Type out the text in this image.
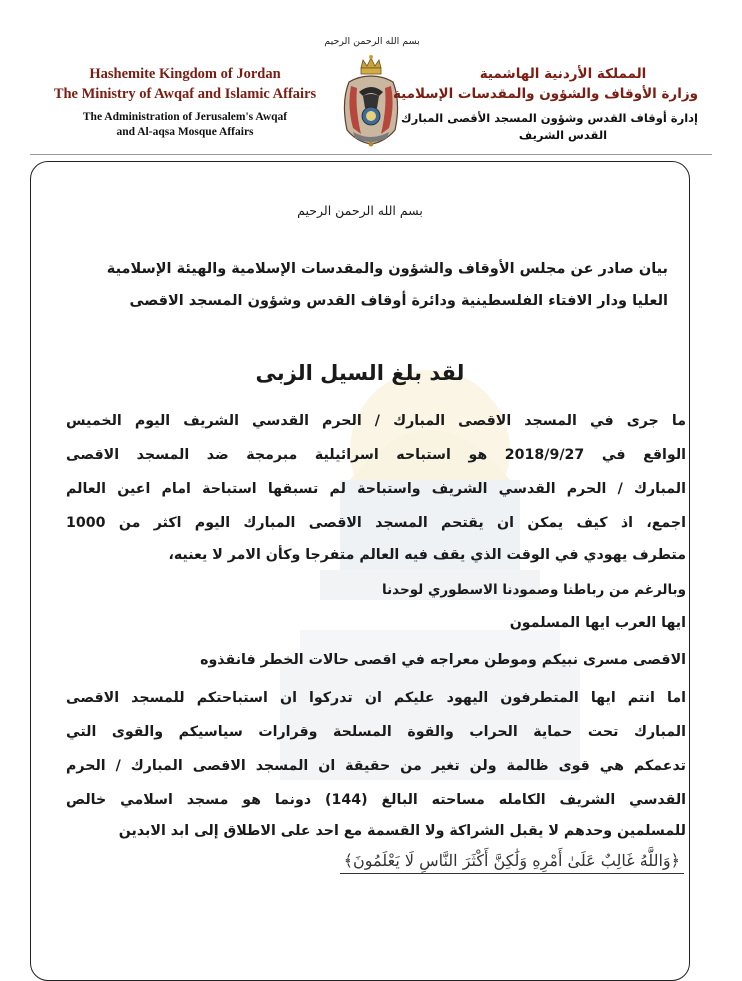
Hashemite Kingdom of Jordan
The Ministry of Awqaf and Islamic Affairs
The Administration of Jerusalem's Awqaf
and Al-aqsa Mosque Affairs
بسم الله الرحمن الرحيم
المملكة الأردنية الهاشمية
وزارة الأوقاف والشؤون والمقدسات الإسلامية
إدارة أوقاف القدس وشؤون المسجد الأقصى المبارك
القدس الشريف
بسم الله الرحمن الرحيم
بيان صادر عن مجلس الأوقاف والشؤون والمقدسات الإسلامية والهيئة الإسلامية
العليا ودار الافتاء الفلسطينية ودائرة أوقاف القدس وشؤون المسجد الاقصى
لقد بلغ السيل الزبى
ما جرى في المسجد الاقصى المبارك / الحرم القدسي الشريف اليوم الخميس
الواقع في 2018/9/27 هو استباحه اسرائيلية مبرمجة ضد المسجد الاقصى
المبارك / الحرم القدسي الشريف واستباحة لم تسبقها استباحة امام اعين العالم
اجمع، اذ كيف يمكن ان يقتحم المسجد الاقصى المبارك اليوم اكثر من 1000
متطرف يهودي في الوقت الذي يقف فيه العالم متفرجا وكأن الامر لا يعنيه،
وبالرغم من رباطنا وصمودنا الاسطوري لوحدنا
ايها العرب ايها المسلمون
الاقصى مسرى نبيكم وموطن معراجه في اقصى حالات الخطر فانقذوه
اما انتم ايها المتطرفون اليهود عليكم ان تدركوا ان استباحتكم للمسجد الاقصى
المبارك تحت حماية الحراب والقوة المسلحة وقرارات سياسيكم والقوى التي
تدعمكم هي قوى ظالمة ولن تغير من حقيقة ان المسجد الاقصى المبارك / الحرم
القدسي الشريف الكامله مساحته البالغ (144) دونما هو مسجد اسلامي خالص
للمسلمين وحدهم لا يقبل الشراكة ولا القسمة مع احد على الاطلاق إلى ابد الابدين
﴿وَاللَّهُ غَالِبٌ عَلَىٰ أَمْرِهِ وَلَٰكِنَّ أَكْثَرَ النَّاسِ لَا يَعْلَمُونَ﴾
